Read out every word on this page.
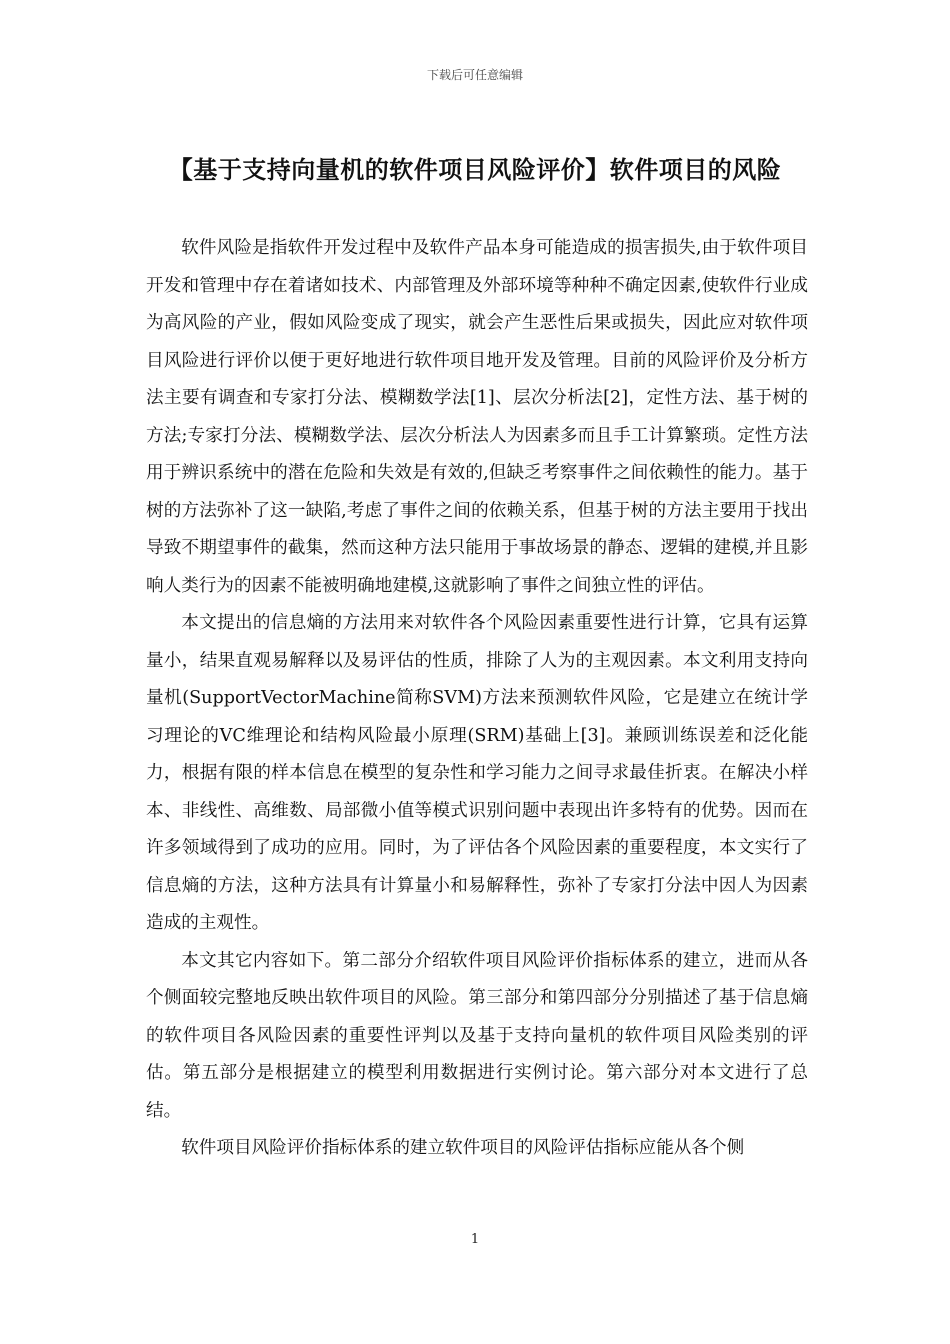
下载后可任意编辑
【基于支持向量机的软件项目风险评价】软件项目的风险

软件风险是指软件开发过程中及软件产品本身可能造成的损害损失,由于软件项目开发和管理中存在着诸如技术、内部管理及外部环境等种种不确定因素,使软件行业成为高风险的产业，假如风险变成了现实，就会产生恶性后果或损失，因此应对软件项目风险进行评价以便于更好地进行软件项目地开发及管理。目前的风险评价及分析方法主要有调查和专家打分法、模糊数学法[1]、层次分析法[2]，定性方法、基于树的方法;专家打分法、模糊数学法、层次分析法人为因素多而且手工计算繁琐。定性方法用于辨识系统中的潜在危险和失效是有效的,但缺乏考察事件之间依赖性的能力。基于树的方法弥补了这一缺陷,考虑了事件之间的依赖关系，但基于树的方法主要用于找出导致不期望事件的截集，然而这种方法只能用于事故场景的静态、逻辑的建模,并且影响人类行为的因素不能被明确地建模,这就影响了事件之间独立性的评估。

本文提出的信息熵的方法用来对软件各个风险因素重要性进行计算，它具有运算量小，结果直观易解释以及易评估的性质，排除了人为的主观因素。本文利用支持向量机(SupportVectorMachine简称SVM)方法来预测软件风险，它是建立在统计学习理论的VC维理论和结构风险最小原理(SRM)基础上[3]。兼顾训练误差和泛化能力，根据有限的样本信息在模型的复杂性和学习能力之间寻求最佳折衷。在解决小样本、非线性、高维数、局部微小值等模式识别问题中表现出许多特有的优势。因而在许多领域得到了成功的应用。同时，为了评估各个风险因素的重要程度，本文实行了信息熵的方法，这种方法具有计算量小和易解释性，弥补了专家打分法中因人为因素造成的主观性。

本文其它内容如下。第二部分介绍软件项目风险评价指标体系的建立，进而从各个侧面较完整地反映出软件项目的风险。第三部分和第四部分分别描述了基于信息熵的软件项目各风险因素的重要性评判以及基于支持向量机的软件项目风险类别的评估。第五部分是根据建立的模型利用数据进行实例讨论。第六部分对本文进行了总结。

软件项目风险评价指标体系的建立软件项目的风险评估指标应能从各个侧

1
